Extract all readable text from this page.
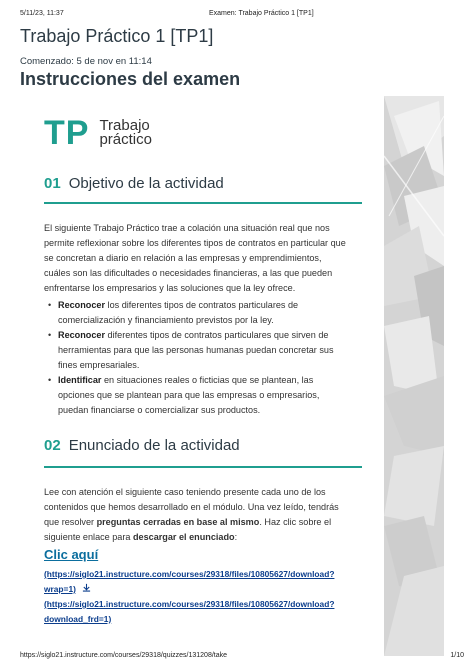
5/11/23, 11:37	Examen: Trabajo Práctico 1 [TP1]
Trabajo Práctico 1 [TP1]
Comenzado: 5 de nov en 11:14
Instrucciones del examen
TP Trabajo
práctico
01 Objetivo de la actividad
El siguiente Trabajo Práctico trae a colación una situación real que nos
permite reflexionar sobre los diferentes tipos de contratos en particular que
se concretan a diario en relación a las empresas y emprendimientos,
cuáles son las dificultades o necesidades financieras, a las que pueden
enfrentarse los empresarios y las soluciones que la ley ofrece.
• Reconocer los diferentes tipos de contratos particulares de
comercialización y financiamiento previstos por la ley.
• Reconocer diferentes tipos de contratos particulares que sirven de
herramientas para que las personas humanas puedan concretar sus
fines empresariales.
• Identificar en situaciones reales o ficticias que se plantean, las
opciones que se plantean para que las empresas o empresarios,
puedan financiarse o comercializar sus productos.
02 Enunciado de la actividad
Lee con atención el siguiente caso teniendo presente cada uno de los
contenidos que hemos desarrollado en el módulo. Una vez leído, tendrás
que resolver preguntas cerradas en base al mismo. Haz clic sobre el
siguiente enlace para descargar el enunciado:
Clic aquí
(https://siglo21.instructure.com/courses/29318/files/10805627/download?
wrap=1)
(https://siglo21.instructure.com/courses/29318/files/10805627/download?
download_frd=1)
https://siglo21.instructure.com/courses/29318/quizzes/131208/take	1/10
